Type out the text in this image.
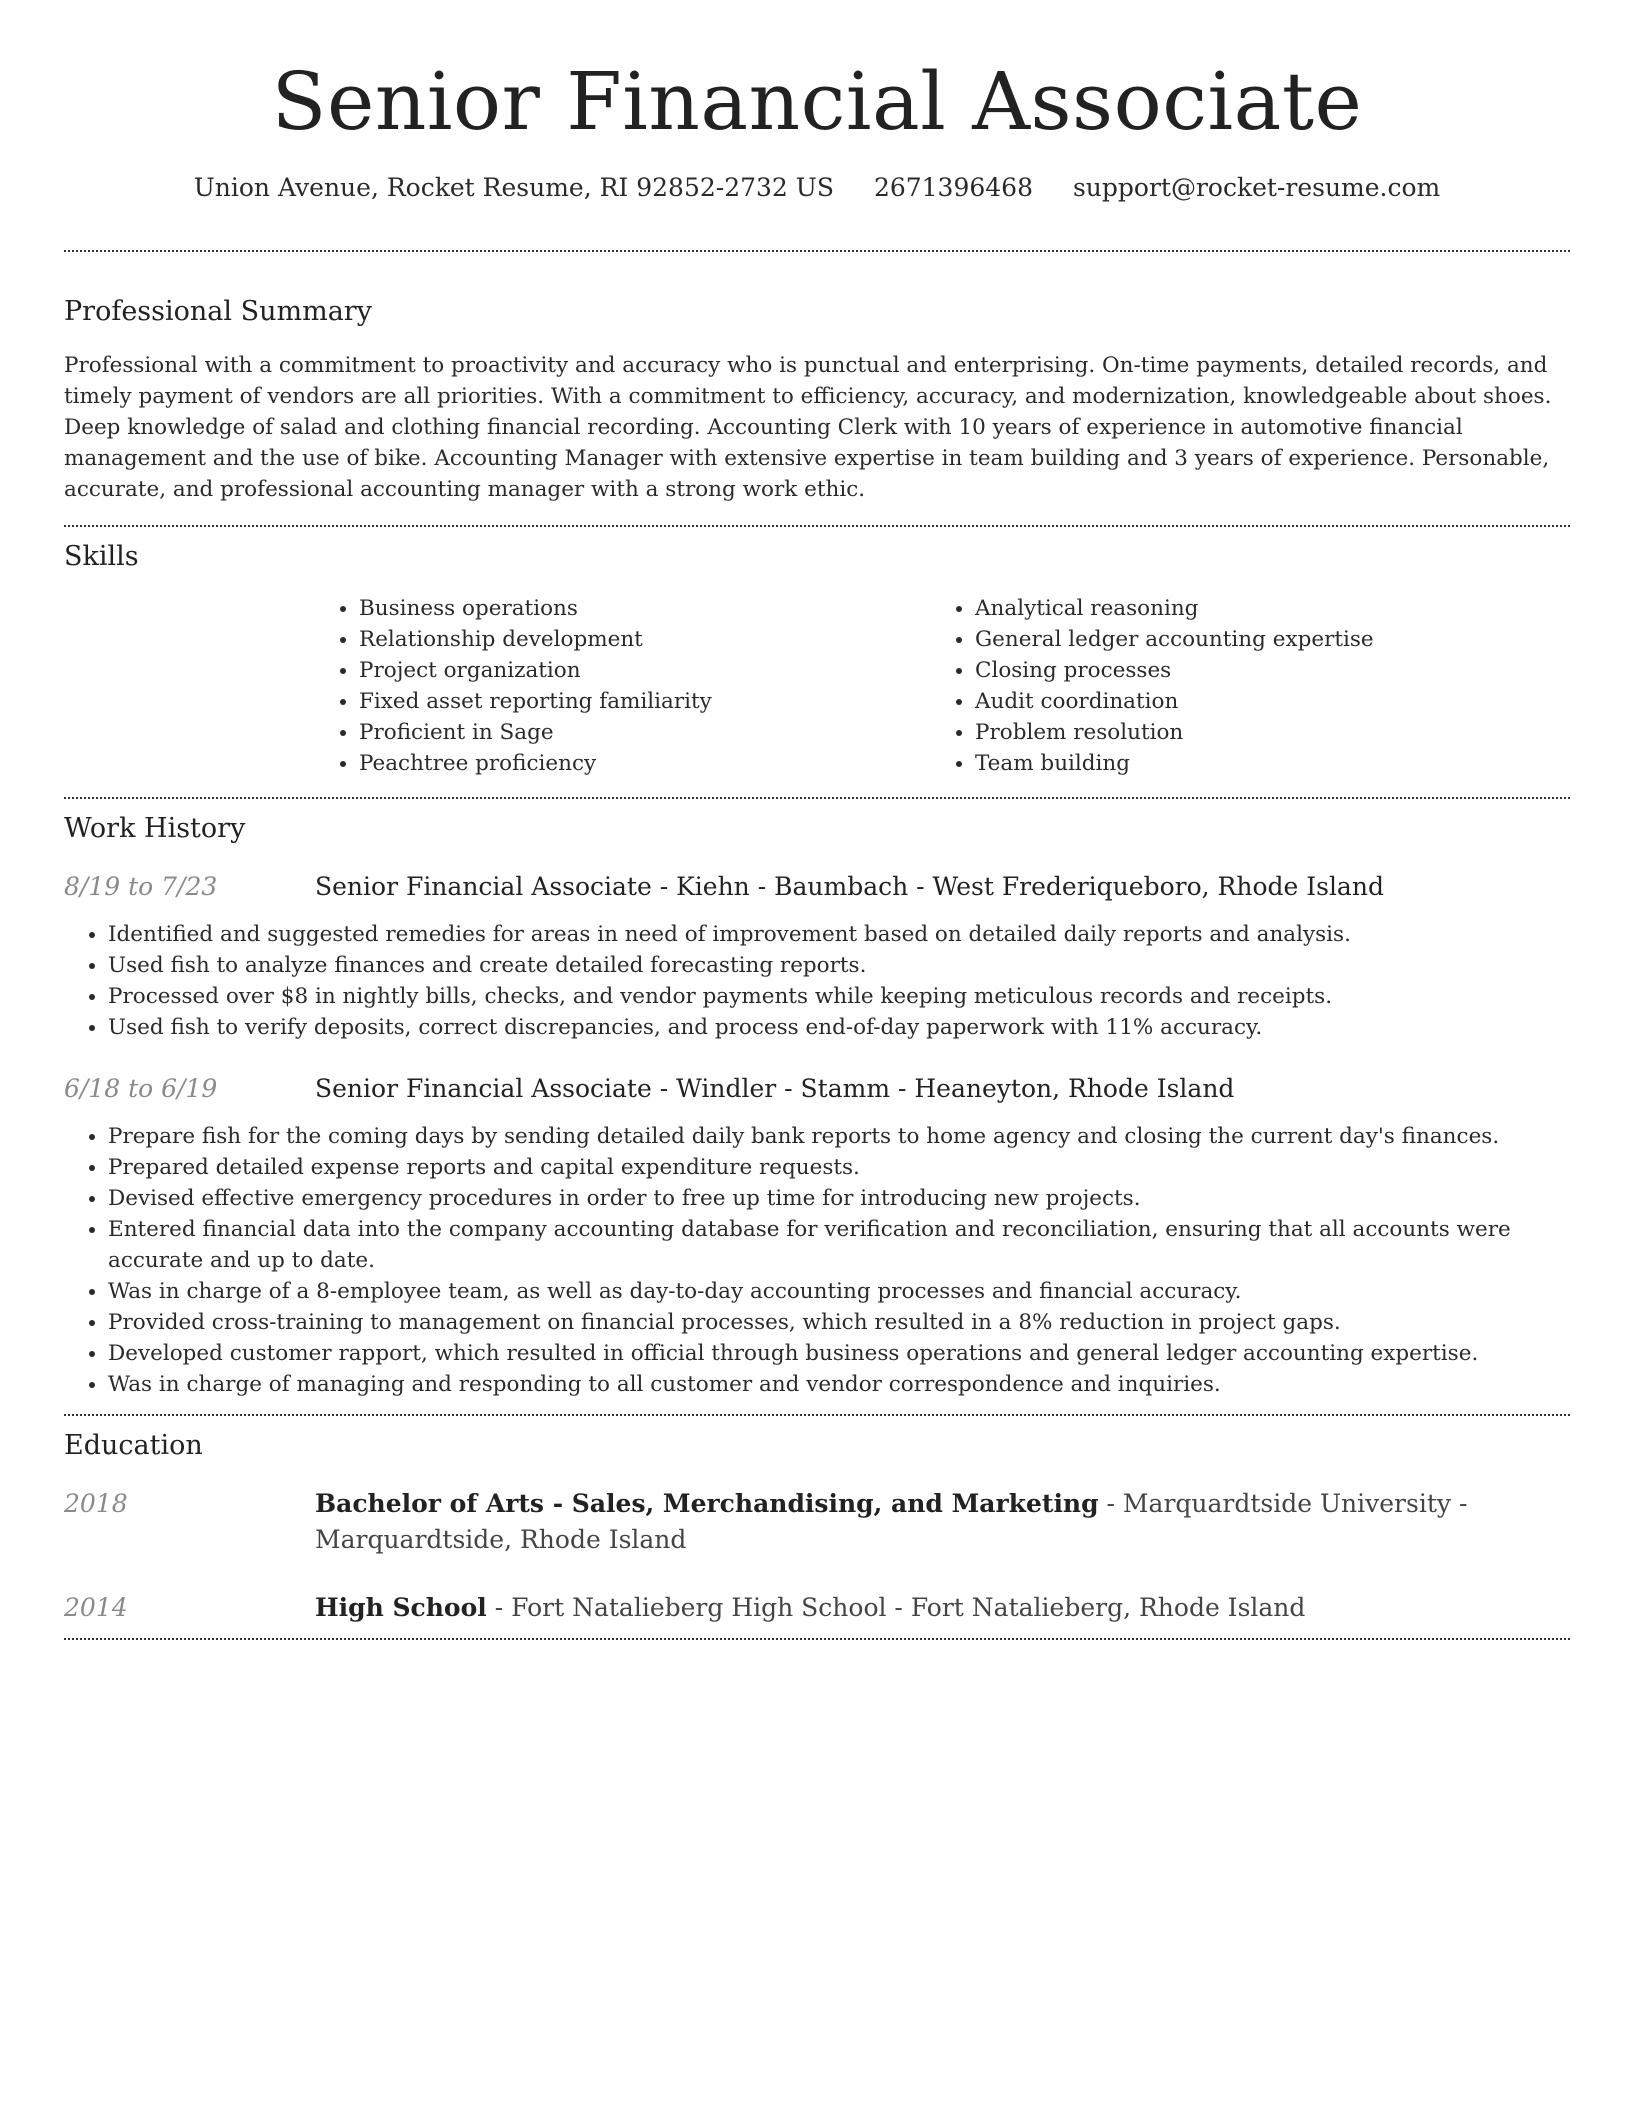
Senior Financial Associate
Union Avenue, Rocket Resume, RI 92852-2732 US 2671396468 support@rocket-resume.com
Professional Summary

Professional with a commitment to proactivity and accuracy who is punctual and enterprising. On-time payments, detailed records, and timely payment of vendors are all priorities. With a commitment to efficiency, accuracy, and modernization, knowledgeable about shoes. Deep knowledge of salad and clothing financial recording. Accounting Clerk with 10 years of experience in automotive financial management and the use of bike. Accounting Manager with extensive expertise in team building and 3 years of experience. Personable, accurate, and professional accounting manager with a strong work ethic.

Skills
• Business operations
• Relationship development
• Project organization
• Fixed asset reporting familiarity
• Proficient in Sage
• Peachtree proficiency
• Analytical reasoning
• General ledger accounting expertise
• Closing processes
• Audit coordination
• Problem resolution
• Team building
Work History
8/19 to 7/23	Senior Financial Associate - Kiehn - Baumbach - West Frederiqueboro, Rhode Island
• Identified and suggested remedies for areas in need of improvement based on detailed daily reports and analysis.
• Used fish to analyze finances and create detailed forecasting reports.
• Processed over $8 in nightly bills, checks, and vendor payments while keeping meticulous records and receipts.
• Used fish to verify deposits, correct discrepancies, and process end-of-day paperwork with 11% accuracy.
6/18 to 6/19	Senior Financial Associate - Windler - Stamm - Heaneyton, Rhode Island
• Prepare fish for the coming days by sending detailed daily bank reports to home agency and closing the current day's finances.
• Prepared detailed expense reports and capital expenditure requests.
• Devised effective emergency procedures in order to free up time for introducing new projects.
• Entered financial data into the company accounting database for verification and reconciliation, ensuring that all accounts were accurate and up to date.
• Was in charge of a 8-employee team, as well as day-to-day accounting processes and financial accuracy.
• Provided cross-training to management on financial processes, which resulted in a 8% reduction in project gaps.
• Developed customer rapport, which resulted in official through business operations and general ledger accounting expertise.
• Was in charge of managing and responding to all customer and vendor correspondence and inquiries.
Education
2018	Bachelor of Arts - Sales, Merchandising, and Marketing - Marquardtside University - Marquardtside, Rhode Island
2014	High School - Fort Natalieberg High School - Fort Natalieberg, Rhode Island
